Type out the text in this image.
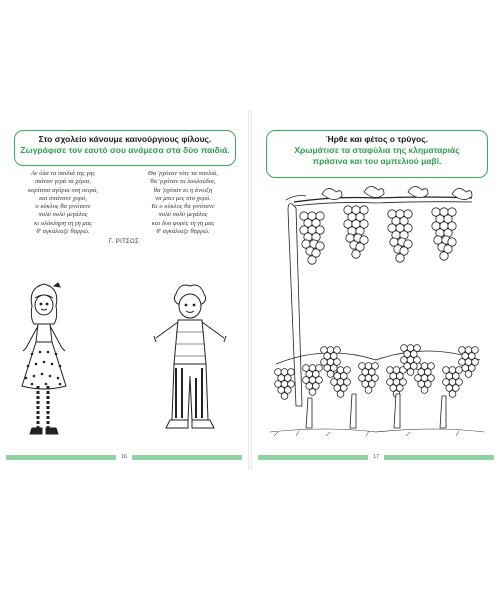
Στο σχολείο κάνουμε καινούργιους φίλους.
Ζωγράφισε τον εαυτό σου ανάμεσα στα δύο παιδιά.
Αν όλα τα παιδιά της γης
πιάναν γερά τα χέρια,
κορίτσια αγόρια στη σειρά,
και σπάνανε χορό,
ο κύκλος θα γινότανε
πολύ πολύ μεγάλος
κι ολόκληρη τη γη μας
θ' αγκάλιαζε θαρρώ.
Θα 'ρχόταν τότε τα πουλιά,
θα 'ρχόταν τα λουλούδια,
θα 'ρχόταν κι η άνοιξη
να μπει μες στο χορό.
Κι ο κύκλος θα γινότανε
πολύ πολύ μεγάλος
και δυο φορές τη γη μας
θ' αγκάλιαζε θαρρώ.
Γ. ΡΙΤΣΟΣ
16
Ήρθε και φέτος ο τρύγος.
Χρωμάτισε τα σταφύλια της κληματαριάς
πράσινα και του αμπελιού μαβί.
17
